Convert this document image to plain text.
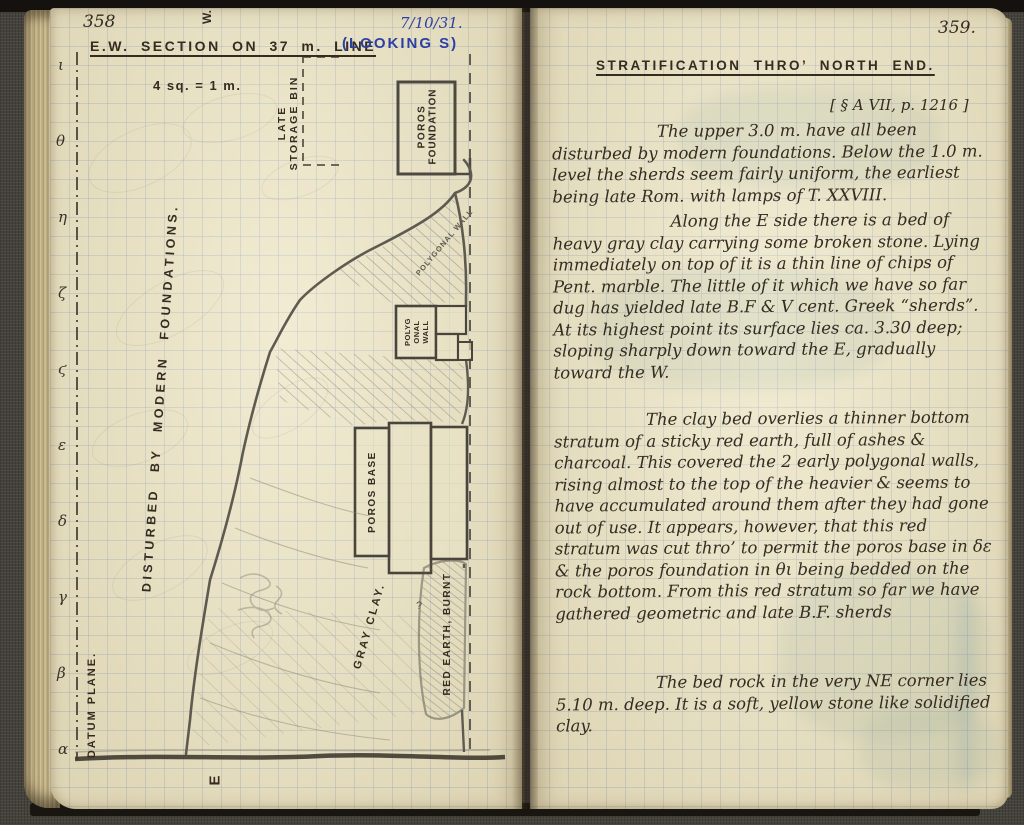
358	W.
E.W. SECTION ON 37 m. LINE
7/10/31.
(LOOKING S)
4 sq. = 1 m.
LATE STORAGE BIN	POROS FOUNDATION
ι
θ
η
ζ
ϛ
ε
δ
γ
β
α DATUM PLANE.
DISTURBED BY MODERN FOUNDATIONS.	POLYGONAL WALL
POLYG ONAL WALL
POROS BASE
GRAY CLAY.	? RED EARTH, BURNT
E
359.
STRATIFICATION THRO’ NORTH END.
[ § A VII, p. 1216 ]

The upper 3.0 m. have all been disturbed by modern foundations. Below the 1.0 m. level the sherds seem fairly uniform, the earliest being late Rom. with lamps of T. XXVIII.

Along the E side there is a bed of heavy gray clay carrying some broken stone. Lying immediately on top of it is a thin line of chips of Pent. marble. The little of it which we have so far dug has yielded late B.F & V cent. Greek “sherds”. At its highest point its surface lies ca. 3.30 deep; sloping sharply down toward the E, gradually toward the W.

The clay bed overlies a thinner bottom stratum of a sticky red earth, full of ashes & charcoal. This covered the 2 early polygonal walls, rising almost to the top of the heavier & seems to have accumulated around them after they had gone out of use. It appears, however, that this red stratum was cut thro’ to permit the poros base in δε & the poros foundation in θι being bedded on the rock bottom. From this red stratum so far we have gathered geometric and late B.F. sherds

The bed rock in the very NE corner lies 5.10 m. deep. It is a soft, yellow stone like solidified clay.
